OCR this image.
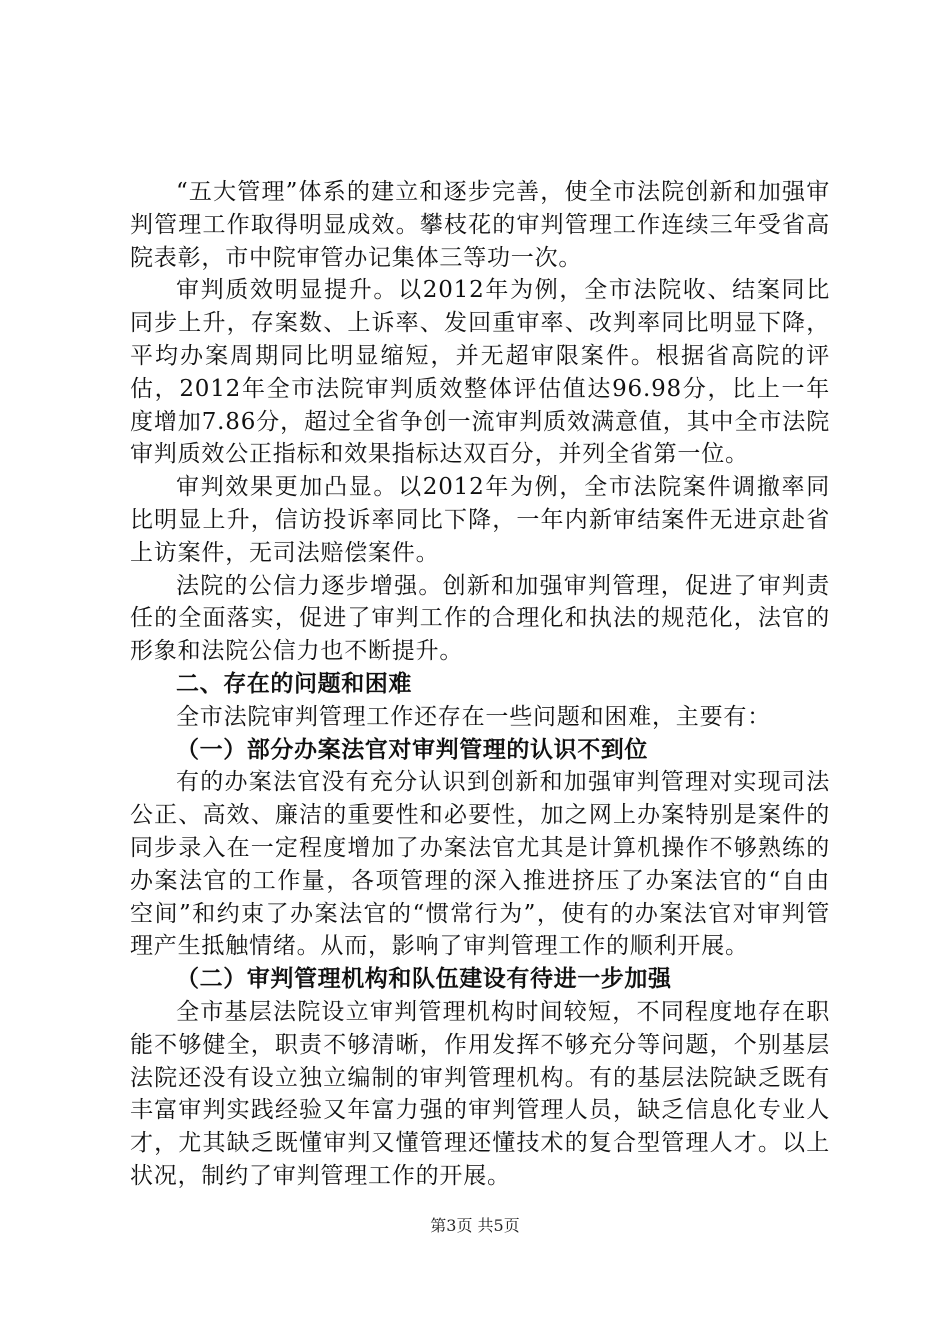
“五大管理”体系的建立和逐步完善，使全市法院创新和加强审判管理工作取得明显成效。攀枝花的审判管理工作连续三年受省高院表彰，市中院审管办记集体三等功一次。

审判质效明显提升。以2012年为例，全市法院收、结案同比同步上升，存案数、上诉率、发回重审率、改判率同比明显下降，平均办案周期同比明显缩短，并无超审限案件。根据省高院的评估，2012年全市法院审判质效整体评估值达96.98分，比上一年度增加7.86分，超过全省争创一流审判质效满意值，其中全市法院审判质效公正指标和效果指标达双百分，并列全省第一位。

审判效果更加凸显。以2012年为例，全市法院案件调撤率同比明显上升，信访投诉率同比下降，一年内新审结案件无进京赴省上访案件，无司法赔偿案件。

法院的公信力逐步增强。创新和加强审判管理，促进了审判责任的全面落实，促进了审判工作的合理化和执法的规范化，法官的形象和法院公信力也不断提升。

二、存在的问题和困难

全市法院审判管理工作还存在一些问题和困难，主要有：

（一）部分办案法官对审判管理的认识不到位

有的办案法官没有充分认识到创新和加强审判管理对实现司法公正、高效、廉洁的重要性和必要性，加之网上办案特别是案件的同步录入在一定程度增加了办案法官尤其是计算机操作不够熟练的办案法官的工作量，各项管理的深入推进挤压了办案法官的“自由空间”和约束了办案法官的“惯常行为”，使有的办案法官对审判管理产生抵触情绪。从而，影响了审判管理工作的顺利开展。

（二）审判管理机构和队伍建设有待进一步加强

全市基层法院设立审判管理机构时间较短，不同程度地存在职能不够健全，职责不够清晰，作用发挥不够充分等问题，个别基层法院还没有设立独立编制的审判管理机构。有的基层法院缺乏既有丰富审判实践经验又年富力强的审判管理人员，缺乏信息化专业人才，尤其缺乏既懂审判又懂管理还懂技术的复合型管理人才。以上状况，制约了审判管理工作的开展。

第3页 共5页
